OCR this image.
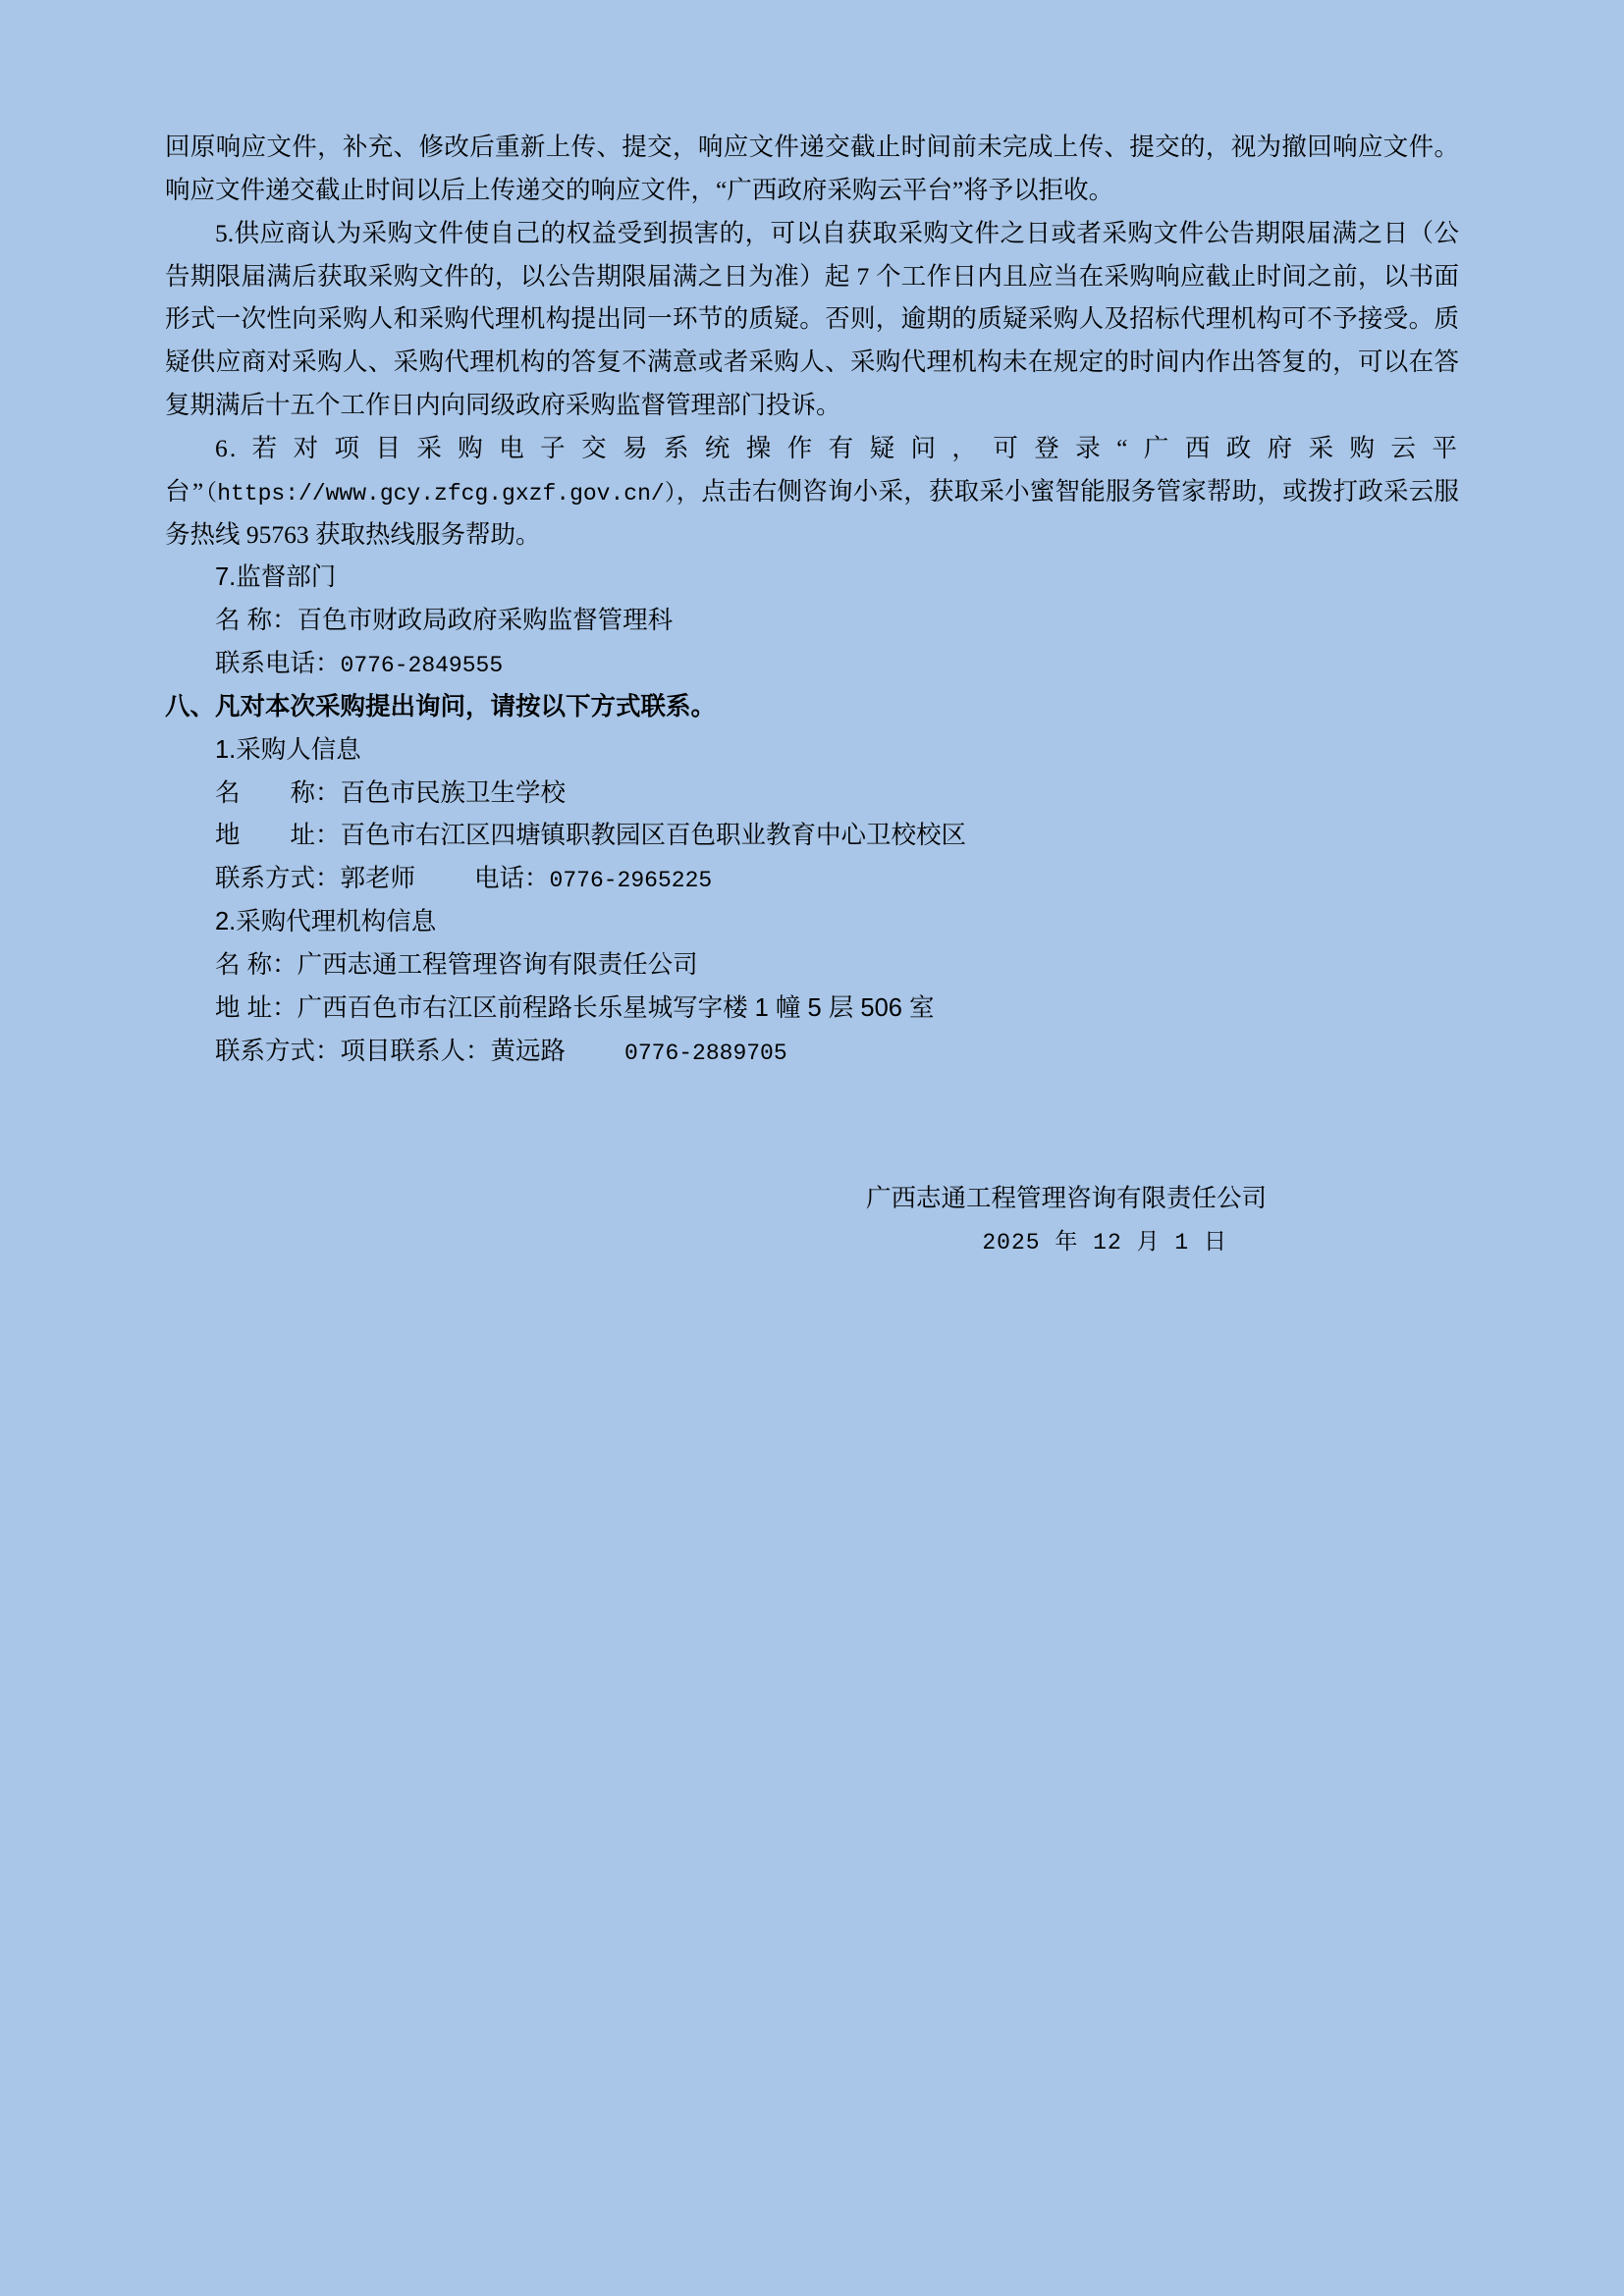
回原响应文件，补充、修改后重新上传、提交，响应文件递交截止时间前未完成上传、提交的，视为撤回响应文件。响应文件递交截止时间以后上传递交的响应文件，“广西政府采购云平台”将予以拒收。

5.供应商认为采购文件使自己的权益受到损害的，可以自获取采购文件之日或者采购文件公告期限届满之日（公告期限届满后获取采购文件的，以公告期限届满之日为准）起 7 个工作日内且应当在采购响应截止时间之前，以书面形式一次性向采购人和采购代理机构提出同一环节的质疑。否则，逾期的质疑采购人及招标代理机构可不予接受。质疑供应商对采购人、采购代理机构的答复不满意或者采购人、采购代理机构未在规定的时间内作出答复的，可以在答复期满后十五个工作日内向同级政府采购监督管理部门投诉。

6.若对项目采购电子交易系统操作有疑问，可登录“广西政府采购云平台”（https://www.gcy.zfcg.gxzf.gov.cn/），点击右侧咨询小采，获取采小蜜智能服务管家帮助，或拨打政采云服务热线 95763 获取热线服务帮助。

7.监督部门

名 称：百色市财政局政府采购监督管理科

联系电话：0776-2849555

八、凡对本次采购提出询问，请按以下方式联系。

1.采购人信息

名　　称：百色市民族卫生学校

地　　址：百色市右江区四塘镇职教园区百色职业教育中心卫校校区

联系方式：郭老师 电话：0776-2965225

2.采购代理机构信息

名 称：广西志通工程管理咨询有限责任公司

地 址：广西百色市右江区前程路长乐星城写字楼 1 幢 5 层 506 室

联系方式：项目联系人：黄远路	0776-2889705

广西志通工程管理咨询有限责任公司
2025 年 12 月 1 日
